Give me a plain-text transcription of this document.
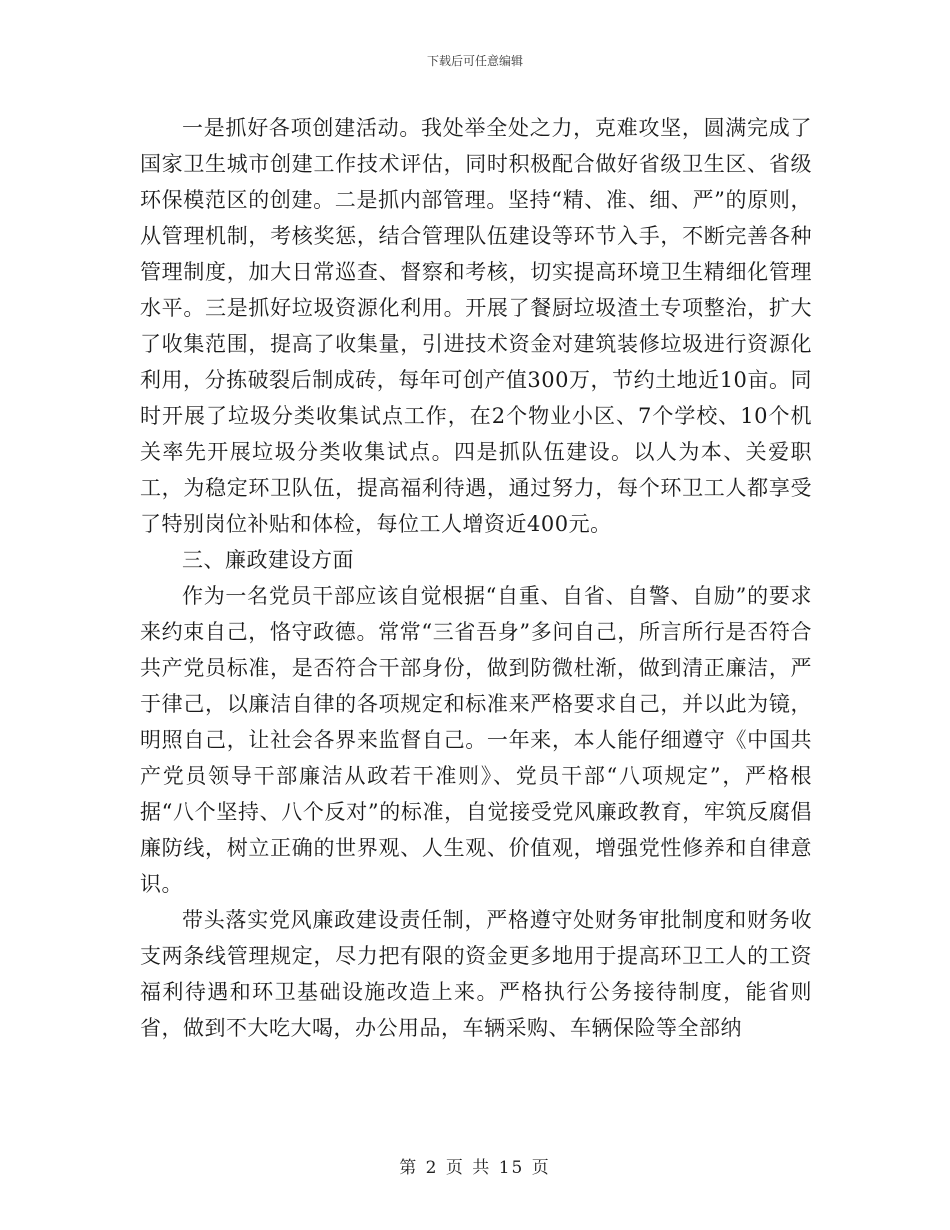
下载后可任意编辑

一是抓好各项创建活动。我处举全处之力，克难攻坚，圆满完成了国家卫生城市创建工作技术评估，同时积极配合做好省级卫生区、省级环保模范区的创建。二是抓内部管理。坚持“精、准、细、严”的原则，从管理机制，考核奖惩，结合管理队伍建设等环节入手，不断完善各种管理制度，加大日常巡查、督察和考核，切实提高环境卫生精细化管理水平。三是抓好垃圾资源化利用。开展了餐厨垃圾渣土专项整治，扩大了收集范围，提高了收集量，引进技术资金对建筑装修垃圾进行资源化利用，分拣破裂后制成砖，每年可创产值300万，节约土地近10亩。同时开展了垃圾分类收集试点工作，在2个物业小区、7个学校、10个机关率先开展垃圾分类收集试点。四是抓队伍建设。以人为本、关爱职工，为稳定环卫队伍，提高福利待遇，通过努力，每个环卫工人都享受了特别岗位补贴和体检，每位工人增资近400元。

三、廉政建设方面

作为一名党员干部应该自觉根据“自重、自省、自警、自励”的要求来约束自己，恪守政德。常常“三省吾身”多问自己，所言所行是否符合共产党员标准，是否符合干部身份，做到防微杜渐，做到清正廉洁，严于律己，以廉洁自律的各项规定和标准来严格要求自己，并以此为镜，明照自己，让社会各界来监督自己。一年来，本人能仔细遵守《中国共产党员领导干部廉洁从政若干准则》、党员干部“八项规定”，严格根据“八个坚持、八个反对”的标准，自觉接受党风廉政教育，牢筑反腐倡廉防线，树立正确的世界观、人生观、价值观，增强党性修养和自律意识。

带头落实党风廉政建设责任制，严格遵守处财务审批制度和财务收支两条线管理规定，尽力把有限的资金更多地用于提高环卫工人的工资福利待遇和环卫基础设施改造上来。严格执行公务接待制度，能省则省，做到不大吃大喝，办公用品，车辆采购、车辆保险等全部纳

第 2 页 共 15 页
